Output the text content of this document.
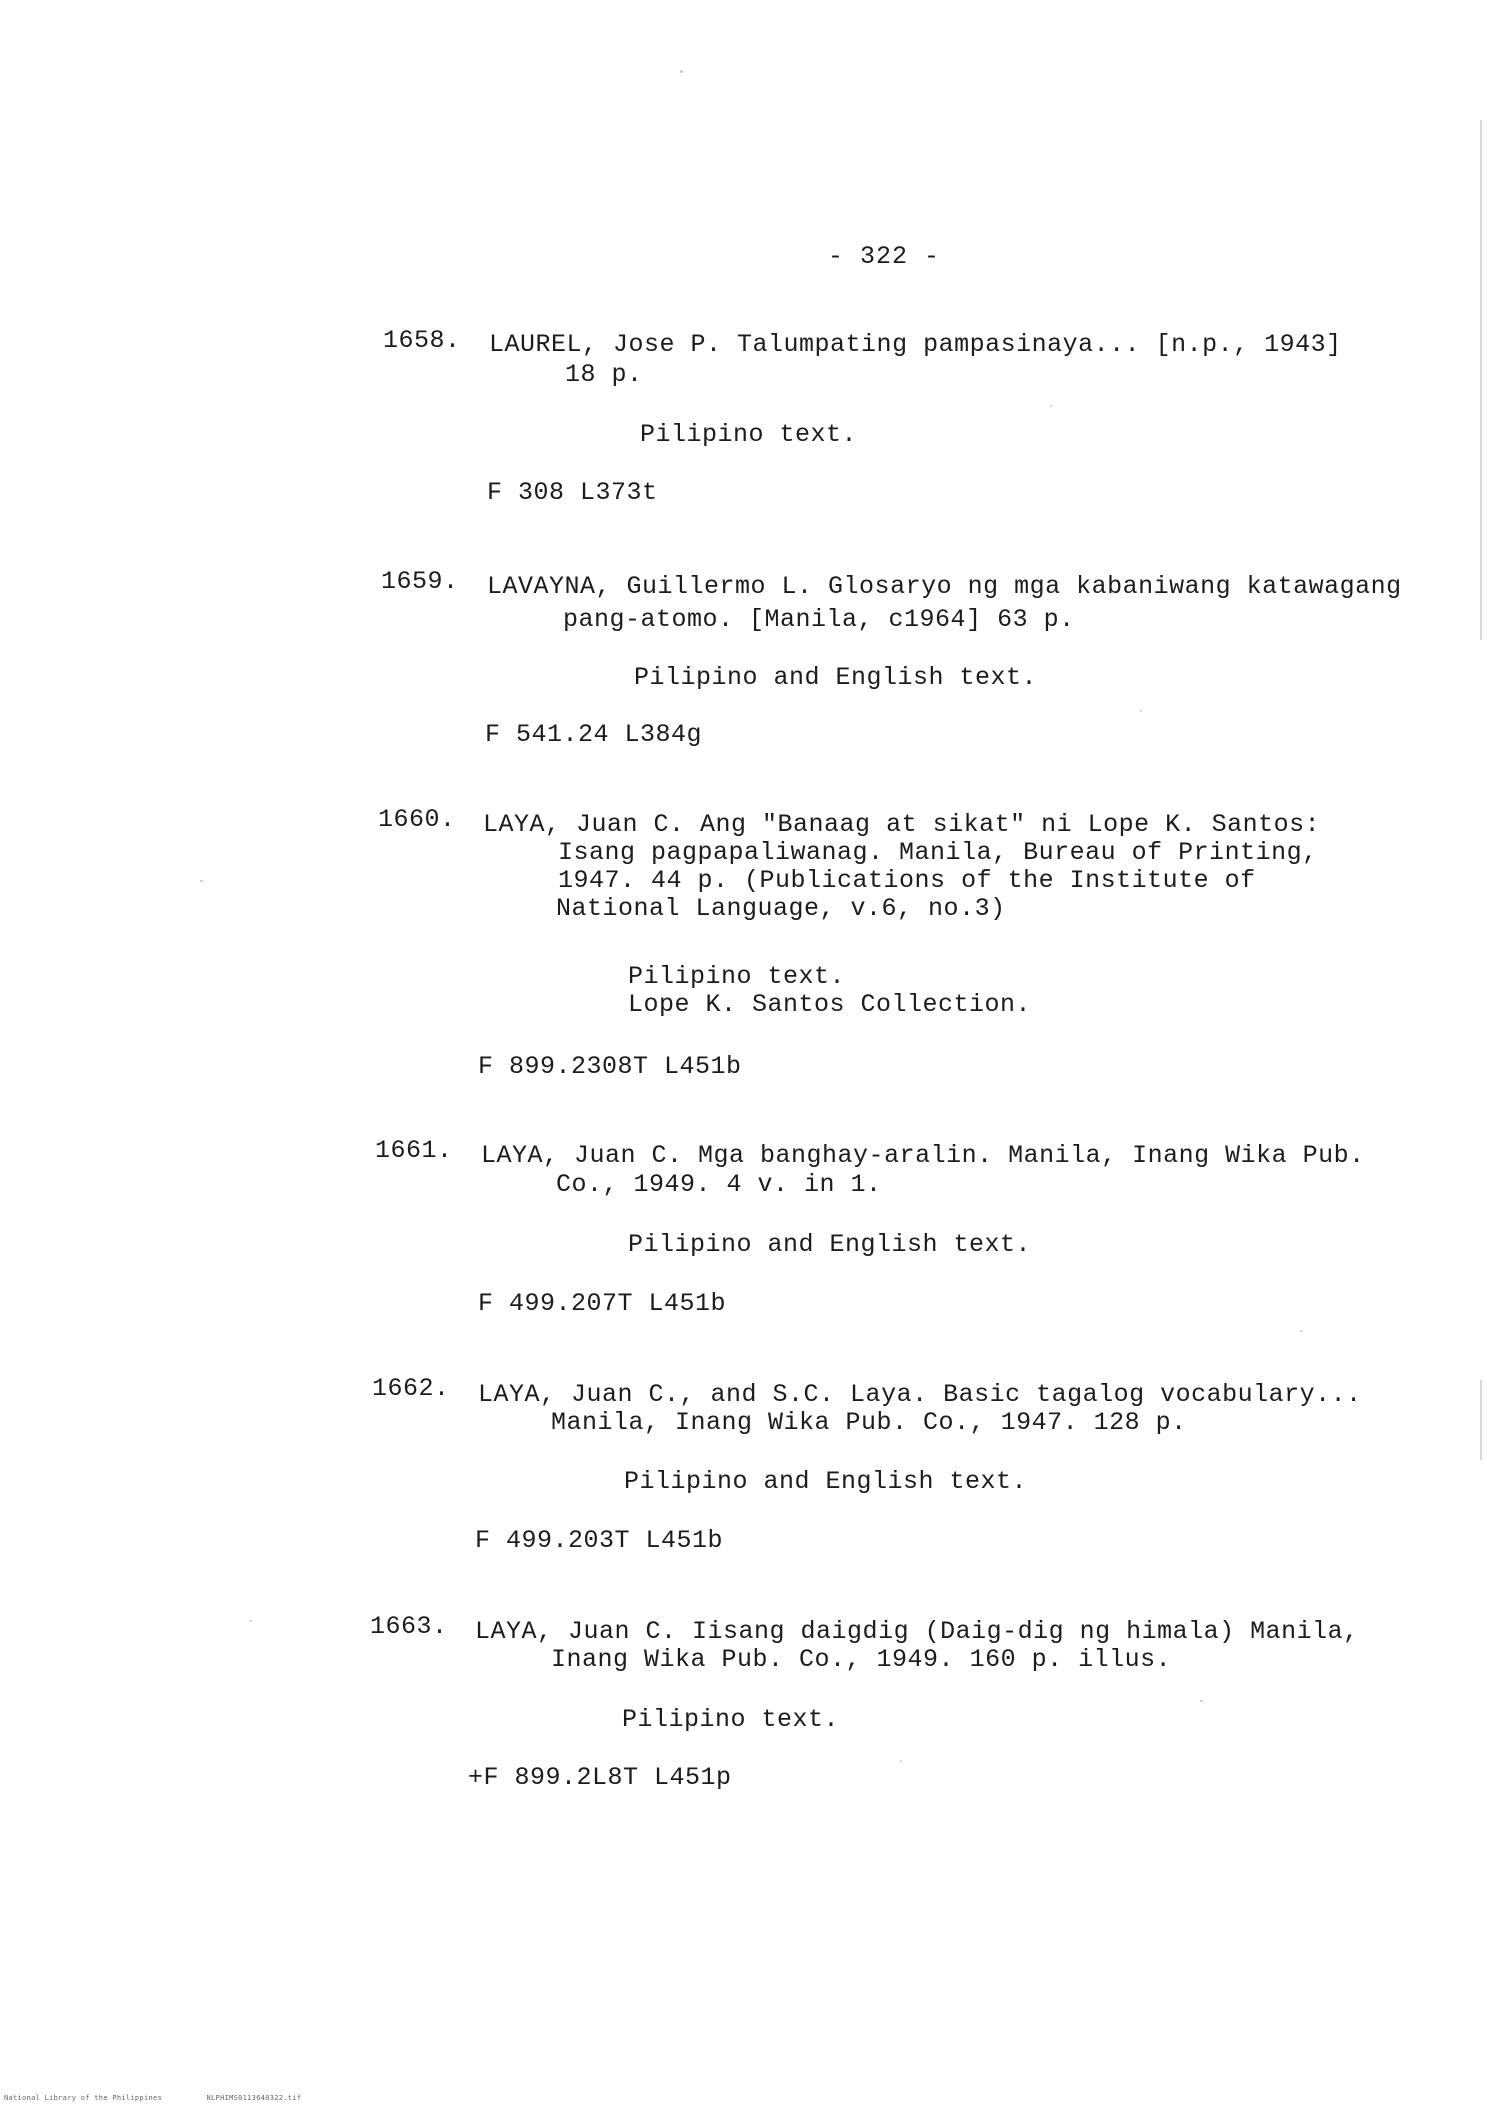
- 322 -
1658. LAUREL, Jose P. Talumpating pampasinaya... [n.p., 1943]
18 p.
Pilipino text.
F 308 L373t
1659. LAVAYNA, Guillermo L. Glosaryo ng mga kabaniwang katawagang
pang-atomo. [Manila, c1964] 63 p.
Pilipino and English text.
F 541.24 L384g
1660. LAYA, Juan C. Ang "Banaag at sikat" ni Lope K. Santos:
Isang pagpapaliwanag. Manila, Bureau of Printing,
1947. 44 p. (Publications of the Institute of
National Language, v.6, no.3)
Pilipino text.
Lope K. Santos Collection.
F 899.2308T L451b
1661. LAYA, Juan C. Mga banghay-aralin. Manila, Inang Wika Pub.
Co., 1949. 4 v. in 1.
Pilipino and English text.
F 499.207T L451b
1662. LAYA, Juan C., and S.C. Laya. Basic tagalog vocabulary...
Manila, Inang Wika Pub. Co., 1947. 128 p.
Pilipino and English text.
F 499.203T L451b
1663. LAYA, Juan C. Iisang daigdig (Daig-dig ng himala) Manila,
Inang Wika Pub. Co., 1949. 160 p. illus.
Pilipino text.
+F 899.2L8T L451p
National Library of the Philippines	NLPHIMS0113640322.tif
